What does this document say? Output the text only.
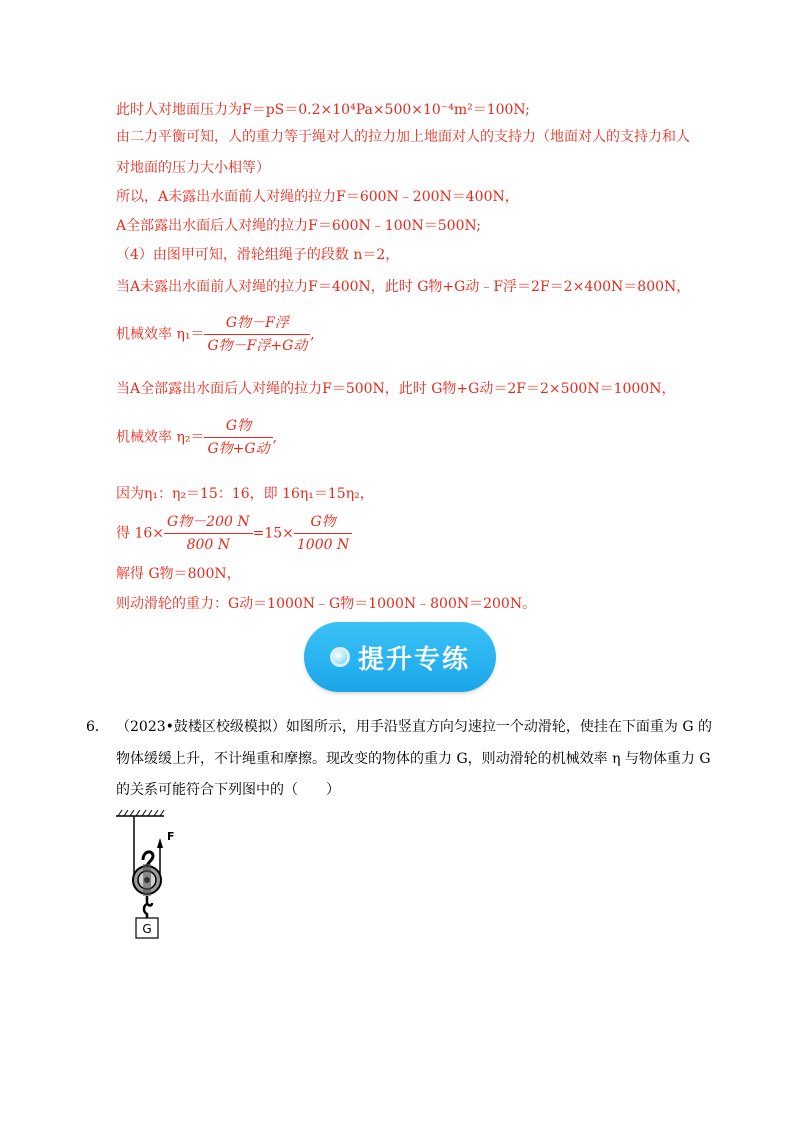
此时人对地面压力为F＝pS＝0.2×10⁴Pa×500×10⁻⁴m²＝100N;
由二力平衡可知，人的重力等于绳对人的拉力加上地面对人的支持力（地面对人的支持力和人
对地面的压力大小相等）
所以，A未露出水面前人对绳的拉力F＝600N﹣200N＝400N，
A全部露出水面后人对绳的拉力F＝600N﹣100N＝500N;
（4）由图甲可知，滑轮组绳子的段数 n＝2，
当A未露出水面前人对绳的拉力F＝400N，此时 G物+G动﹣F浮＝2F＝2×400N＝800N，
机械效率 $\eta_1= \frac{\text{G物－F浮}}{\text{G物－F浮+G动}}$ ,
当A全部露出水面后人对绳的拉力F＝500N，此时 G物+G动＝2F＝2×500N＝1000N，
机械效率 $\eta_2= \frac{\text{G物}}{\text{G物+G动}}$ ,
因为η₁：η₂＝15：16，即 16η₁＝15η₂，
得 $16\times \frac{\text{G物－200 N}}{800 N} =15\times \frac{\text{G物}}{1000 N}$
解得 G物＝800N，
则动滑轮的重力：G动＝1000N﹣G物＝1000N﹣800N＝200N。
提升专练
6． （2023•鼓楼区校级模拟）如图所示，用手沿竖直方向匀速拉一个动滑轮，使挂在下面重为 G 的
物体缓缓上升，不计绳重和摩擦。现改变的物体的重力 G，则动滑轮的机械效率 η 与物体重力 G
的关系可能符合下列图中的（　　）
F
G
